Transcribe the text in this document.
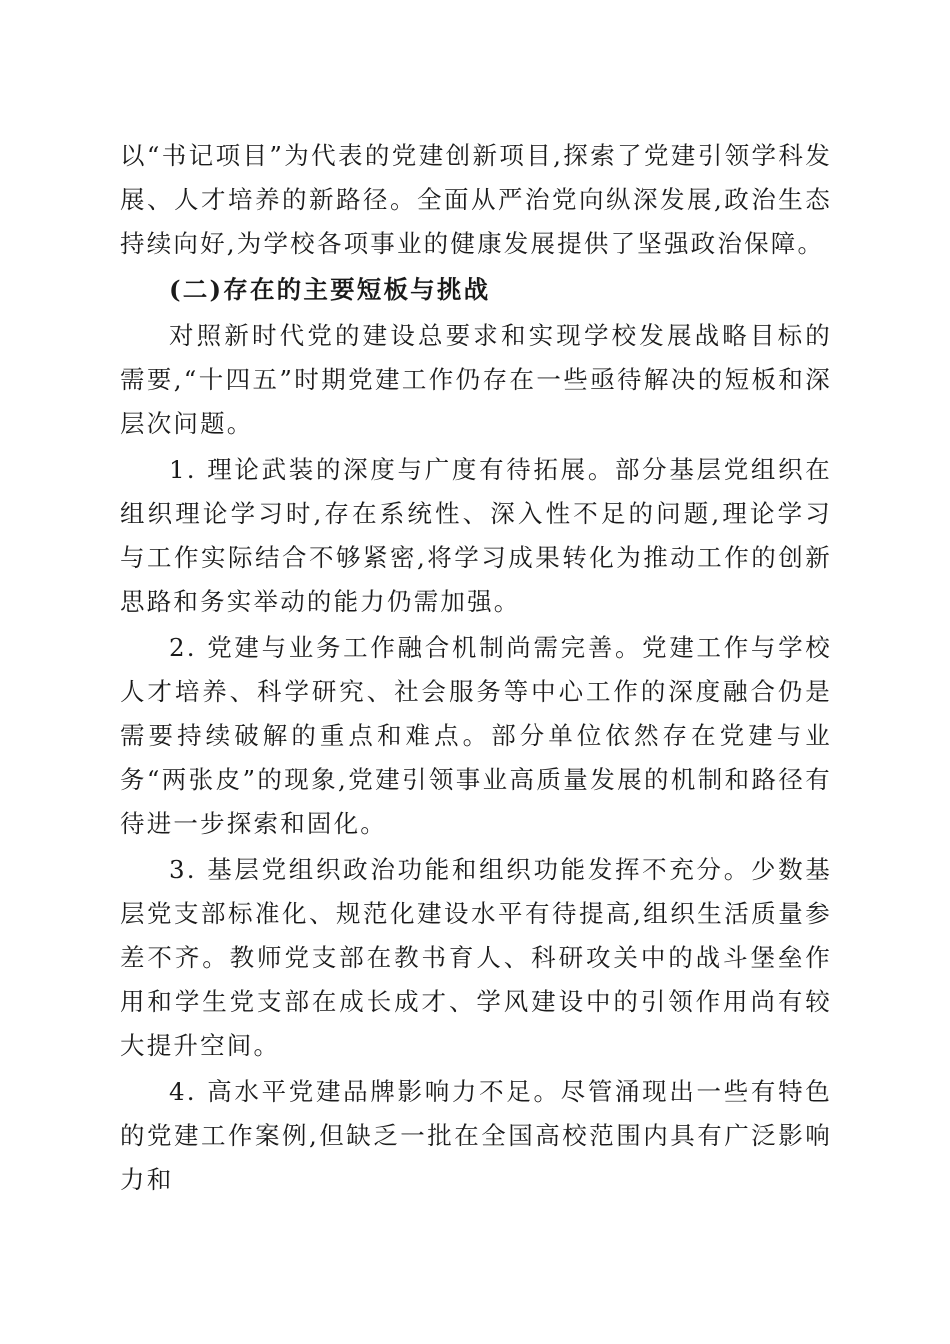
以“书记项目”为代表的党建创新项目,探索了党建引领学科发展、人才培养的新路径。全面从严治党向纵深发展,政治生态持续向好,为学校各项事业的健康发展提供了坚强政治保障。

(二)存在的主要短板与挑战

对照新时代党的建设总要求和实现学校发展战略目标的需要,“十四五”时期党建工作仍存在一些亟待解决的短板和深层次问题。

1. 理论武装的深度与广度有待拓展。部分基层党组织在组织理论学习时,存在系统性、深入性不足的问题,理论学习与工作实际结合不够紧密,将学习成果转化为推动工作的创新思路和务实举动的能力仍需加强。

2. 党建与业务工作融合机制尚需完善。党建工作与学校人才培养、科学研究、社会服务等中心工作的深度融合仍是需要持续破解的重点和难点。部分单位依然存在党建与业务“两张皮”的现象,党建引领事业高质量发展的机制和路径有待进一步探索和固化。

3. 基层党组织政治功能和组织功能发挥不充分。少数基层党支部标准化、规范化建设水平有待提高,组织生活质量参差不齐。教师党支部在教书育人、科研攻关中的战斗堡垒作用和学生党支部在成长成才、学风建设中的引领作用尚有较大提升空间。

4. 高水平党建品牌影响力不足。尽管涌现出一些有特色的党建工作案例,但缺乏一批在全国高校范围内具有广泛影响力和
